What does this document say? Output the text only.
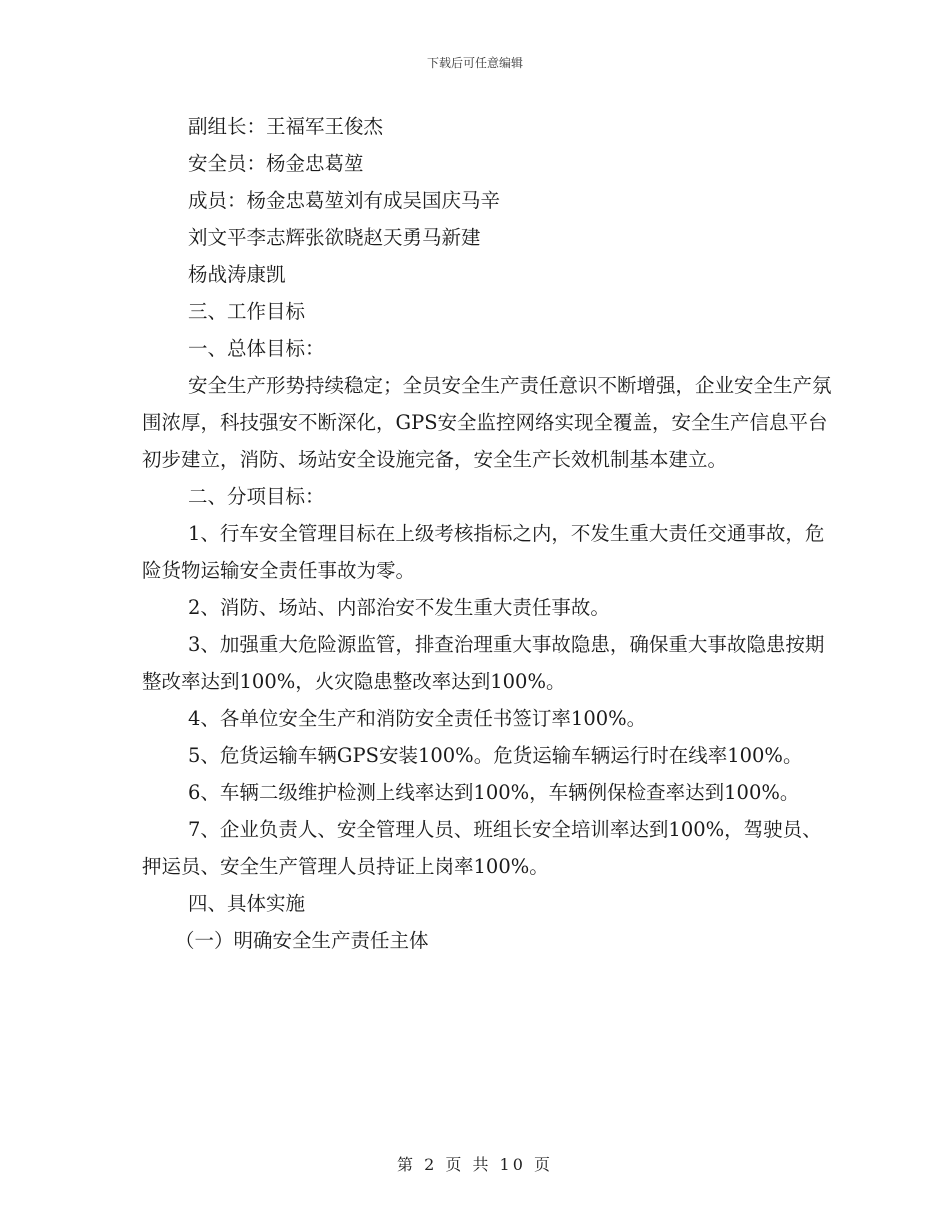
下载后可任意编辑

副组长：王福军王俊杰

安全员：杨金忠葛堃

成员：杨金忠葛堃刘有成吴国庆马辛

刘文平李志辉张欲晓赵天勇马新建

杨战涛康凯

三、工作目标

一、总体目标：

安全生产形势持续稳定；全员安全生产责任意识不断增强，企业安全生产氛围浓厚，科技强安不断深化，GPS安全监控网络实现全覆盖，安全生产信息平台初步建立，消防、场站安全设施完备，安全生产长效机制基本建立。

二、分项目标：

1、行车安全管理目标在上级考核指标之内，不发生重大责任交通事故，危险货物运输安全责任事故为零。

2、消防、场站、内部治安不发生重大责任事故。

3、加强重大危险源监管，排查治理重大事故隐患，确保重大事故隐患按期整改率达到100%，火灾隐患整改率达到100%。

4、各单位安全生产和消防安全责任书签订率100%。

5、危货运输车辆GPS安装100%。危货运输车辆运行时在线率100%。

6、车辆二级维护检测上线率达到100%，车辆例保检查率达到100%。

7、企业负责人、安全管理人员、班组长安全培训率达到100%，驾驶员、押运员、安全生产管理人员持证上岗率100%。

四、具体实施

（一）明确安全生产责任主体

第 2 页 共 10 页
